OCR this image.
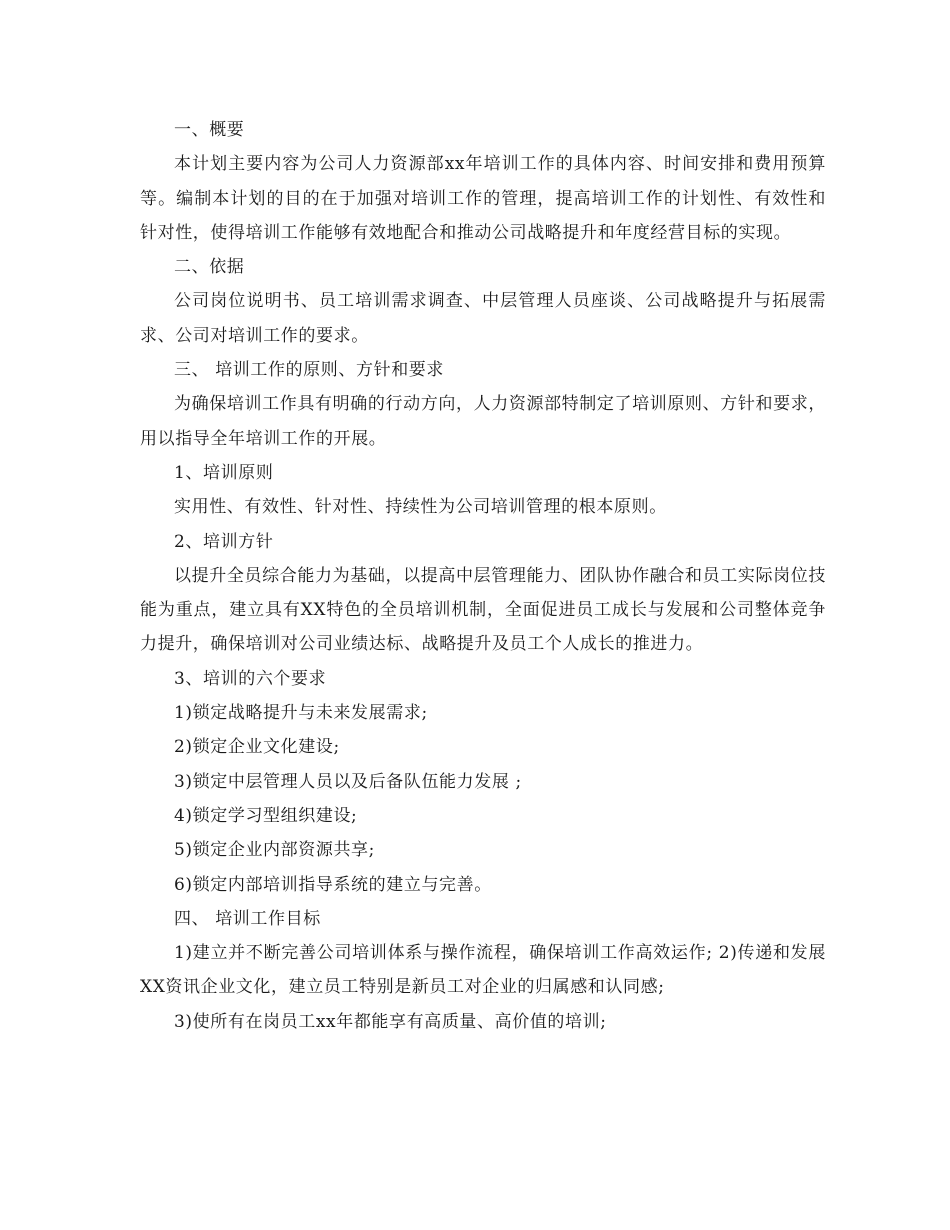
一、概要

本计划主要内容为公司人力资源部xx年培训工作的具体内容、时间安排和费用预算等。编制本计划的目的在于加强对培训工作的管理，提高培训工作的计划性、有效性和针对性，使得培训工作能够有效地配合和推动公司战略提升和年度经营目标的实现。

二、依据

公司岗位说明书、员工培训需求调查、中层管理人员座谈、公司战略提升与拓展需求、公司对培训工作的要求。

三、 培训工作的原则、方针和要求

为确保培训工作具有明确的行动方向，人力资源部特制定了培训原则、方针和要求，用以指导全年培训工作的开展。

1、培训原则

实用性、有效性、针对性、持续性为公司培训管理的根本原则。

2、培训方针

以提升全员综合能力为基础，以提高中层管理能力、团队协作融合和员工实际岗位技能为重点，建立具有XX特色的全员培训机制，全面促进员工成长与发展和公司整体竞争力提升，确保培训对公司业绩达标、战略提升及员工个人成长的推进力。

3、培训的六个要求

1)锁定战略提升与未来发展需求;

2)锁定企业文化建设;

3)锁定中层管理人员以及后备队伍能力发展 ;

4)锁定学习型组织建设;

5)锁定企业内部资源共享;

6)锁定内部培训指导系统的建立与完善。

四、 培训工作目标

1)建立并不断完善公司培训体系与操作流程，确保培训工作高效运作; 2)传递和发展XX资讯企业文化，建立员工特别是新员工对企业的归属感和认同感;

3)使所有在岗员工xx年都能享有高质量、高价值的培训;
